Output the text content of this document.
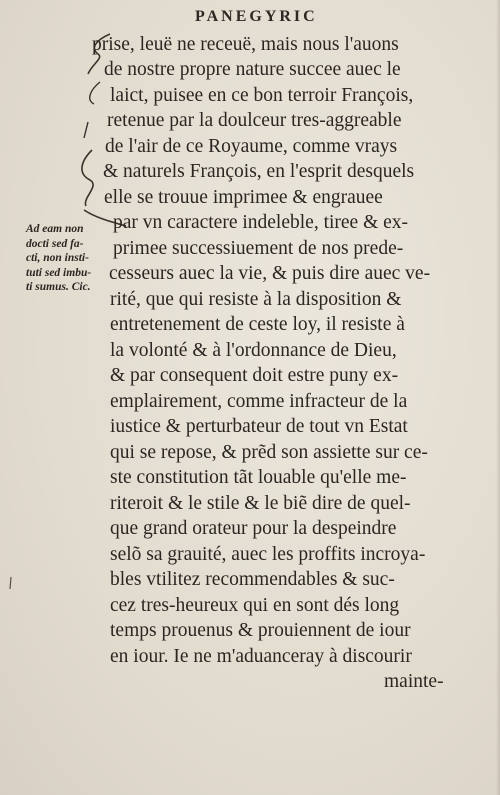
PANEGYRIC
Ad eam non
docti sed fa-
cti, non insti-
tuti sed imbu-
ti sumus. Cic.
prise, leuë ne receuë, mais nous l'auons
de nostre propre nature succee auec le
laict, puisee en ce bon terroir François,
retenue par la doulceur tres-aggreable
de l'air de ce Royaume, comme vrays
& naturels François, en l'esprit desquels
elle se trouue imprimee & engrauee
par vn caractere indeleble, tiree & ex-
primee successiuement de nos prede-
cesseurs auec la vie, & puis dire auec ve-
rité, que qui resiste à la disposition &
entretenement de ceste loy, il resiste à
la volonté & à l'ordonnance de Dieu,
& par consequent doit estre puny ex-
emplairement, comme infracteur de la
iustice & perturbateur de tout vn Estat
qui se repose, & prẽd son assiette sur ce-
ste constitution tãt louable qu'elle me-
riteroit & le stile & le biẽ dire de quel-
que grand orateur pour la despeindre
selõ sa grauité, auec les proffits incroya-
bles vtilitez recommendables & suc-
cez tres-heureux qui en sont dés long
temps prouenus & prouiennent de iour
en iour. Ie ne m'aduanceray à discourir
mainte-
